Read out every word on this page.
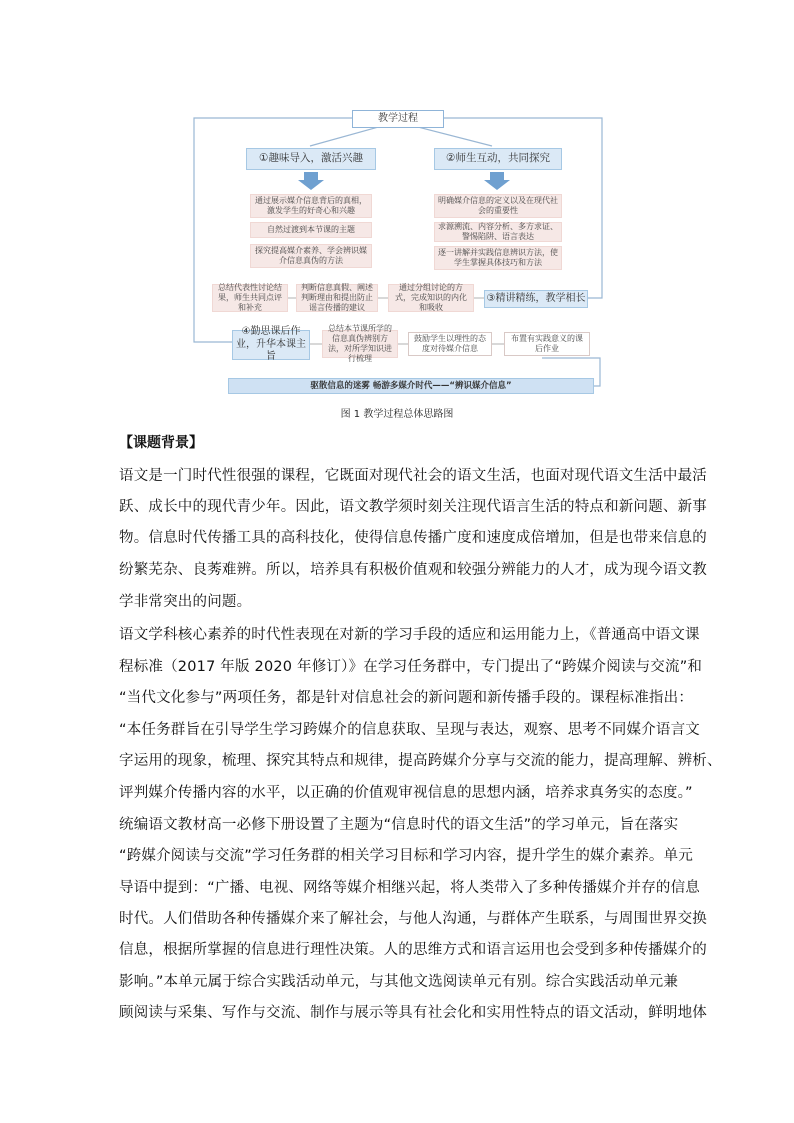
教学过程
①趣味导入，激活兴趣	②师生互动，共同探究
通过展示媒介信息背后的真相，激发学生的好奇心和兴趣
自然过渡到本节课的主题
探究提高媒介素养、学会辨识媒介信息真伪的方法
明确媒介信息的定义以及在现代社会的重要性
求源溯流、内容分析、多方求证、警惕陷阱、语言表达
逐一讲解并实践信息辨识方法，使学生掌握具体技巧和方法
总结代表性讨论结果，师生共同点评和补充
判断信息真假、阐述判断理由和提出防止谣言传播的建议
通过分组讨论的方式，完成知识的内化和吸收
③精讲精练，教学相长
④勤思课后作业，升华本课主旨
总结本节课所学的信息真伪辨别方法，对所学知识进行梳理
鼓励学生以理性的态度对待媒介信息
布置有实践意义的课后作业
驱散信息的迷雾 畅游多媒介时代——“辨识媒介信息”
图 1 教学过程总体思路图
【课题背景】
语文是一门时代性很强的课程，它既面对现代社会的语文生活，也面对现代语文生活中最活
跃、成长中的现代青少年。因此，语文教学须时刻关注现代语言生活的特点和新问题、新事
物。信息时代传播工具的高科技化，使得信息传播广度和速度成倍增加，但是也带来信息的
纷繁芜杂、良莠难辨。所以，培养具有积极价值观和较强分辨能力的人才，成为现今语文教
学非常突出的问题。
语文学科核心素养的时代性表现在对新的学习手段的适应和运用能力上，《普通高中语文课
程标准（2017 年版 2020 年修订）》在学习任务群中，专门提出了“跨媒介阅读与交流”和
“当代文化参与”两项任务，都是针对信息社会的新问题和新传播手段的。课程标准指出：
“本任务群旨在引导学生学习跨媒介的信息获取、呈现与表达，观察、思考不同媒介语言文
字运用的现象，梳理、探究其特点和规律，提高跨媒介分享与交流的能力，提高理解、辨析、
评判媒介传播内容的水平，以正确的价值观审视信息的思想内涵，培养求真务实的态度。”
统编语文教材高一必修下册设置了主题为“信息时代的语文生活”的学习单元，旨在落实
“跨媒介阅读与交流”学习任务群的相关学习目标和学习内容，提升学生的媒介素养。单元
导语中提到：“广播、电视、网络等媒介相继兴起，将人类带入了多种传播媒介并存的信息
时代。人们借助各种传播媒介来了解社会，与他人沟通，与群体产生联系，与周围世界交换
信息，根据所掌握的信息进行理性决策。人的思维方式和语言运用也会受到多种传播媒介的
影响。”本单元属于综合实践活动单元，与其他文选阅读单元有别。综合实践活动单元兼
顾阅读与采集、写作与交流、制作与展示等具有社会化和实用性特点的语文活动，鲜明地体
